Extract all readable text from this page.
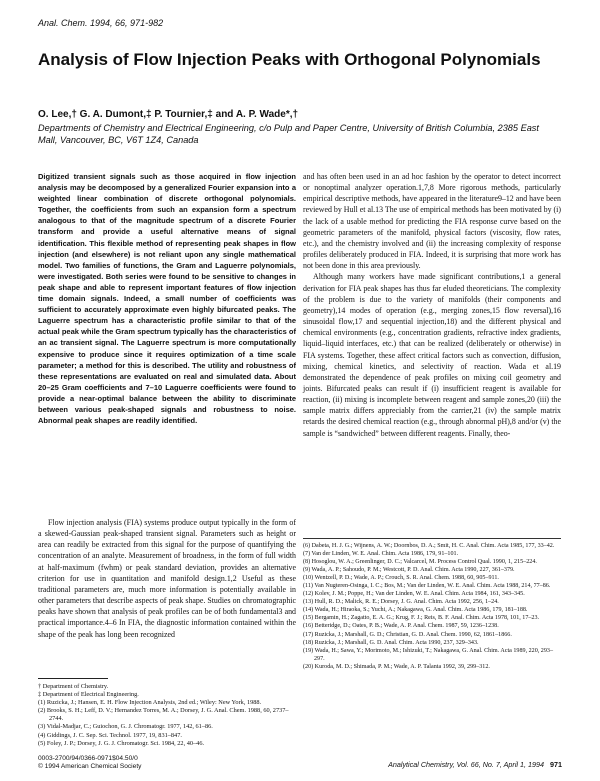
Anal. Chem. 1994, 66, 971-982
Analysis of Flow Injection Peaks with Orthogonal Polynomials
O. Lee,† G. A. Dumont,‡ P. Tournier,‡ and A. P. Wade*,†
Departments of Chemistry and Electrical Engineering, c/o Pulp and Paper Centre, University of British Columbia, 2385 East Mall, Vancouver, BC, V6T 1Z4, Canada

Digitized transient signals such as those acquired in flow injection analysis may be decomposed by a generalized Fourier expansion into a weighted linear combination of discrete orthogonal polynomials. Together, the coefficients from such an expansion form a spectrum analogous to that of the magnitude spectrum of a discrete Fourier transform and provide a useful alternative means of signal identification. This flexible method of representing peak shapes in flow injection (and elsewhere) is not reliant upon any single mathematical model. Two families of functions, the Gram and Laguerre polynomials, were investigated. Both series were found to be sensitive to changes in peak shape and able to represent important features of flow injection time domain signals. Indeed, a small number of coefficients was sufficient to accurately approximate even highly bifurcated peaks. The Laguerre spectrum has a characteristic profile similar to that of the actual peak while the Gram spectrum typically has the characteristics of an ac transient signal. The Laguerre spectrum is more computationally expensive to produce since it requires optimization of a time scale parameter; a method for this is described. The utility and robustness of these representations are evaluated on real and simulated data. About 20–25 Gram coefficients and 7–10 Laguerre coefficients were found to provide a near-optimal balance between the ability to discriminate between various peak-shaped signals and robustness to noise. Abnormal peak shapes are readily identified.

Flow injection analysis (FIA) systems produce output typically in the form of a skewed-Gaussian peak-shaped transient signal. Parameters such as height or area can readily be extracted from this signal for the purpose of quantifying the concentration of an analyte. Measurement of broadness, in the form of full width at half-maximum (fwhm) or peak standard deviation, provides an alternative criterion for use in quantitation and manifold design.1,2 Useful as these traditional parameters are, much more information is potentially available in other parameters that describe aspects of peak shape. Studies on chromatographic peaks have shown that analysis of peak profiles can be of both fundamental3 and practical importance.4–6 In FIA, the diagnostic information contained within the shape of the peak has long been recognized

† Department of Chemistry.
‡ Department of Electrical Engineering.
(1) Ruzicka, J.; Hansen, E. H. Flow Injection Analysis, 2nd ed.; Wiley: New York, 1988.
(2) Brooks, S. H.; Leff, D. V.; Hernandez Torres, M. A.; Dorsey, J. G. Anal. Chem. 1988, 60, 2737–2744.
(3) Vidal-Madjar, C.; Guiochon, G. J. Chromatogr. 1977, 142, 61–86.
(4) Giddings, J. C. Sep. Sci. Technol. 1977, 19, 831–847.
(5) Foley, J. P.; Dorsey, J. G. J. Chromatogr. Sci. 1984, 22, 40–46.

and has often been used in an ad hoc fashion by the operator to detect incorrect or nonoptimal analyzer operation.1,7,8 More rigorous methods, particularly empirical descriptive methods, have appeared in the literature9–12 and have been reviewed by Hull et al.13 The use of empirical methods has been motivated by (i) the lack of a usable method for predicting the FIA response curve based on the geometric parameters of the manifold, physical factors (viscosity, flow rates, etc.), and the chemistry involved and (ii) the increasing complexity of response profiles deliberately produced in FIA. Indeed, it is surprising that more work has not been done in this area previously.

Although many workers have made significant contributions,1 a general derivation for FIA peak shapes has thus far eluded theoreticians. The complexity of the problem is due to the variety of manifolds (their components and geometry),14 modes of operation (e.g., merging zones,15 flow reversal),16 sinusoidal flow,17 and sequential injection,18) and the different physical and chemical environments (e.g., concentration gradients, refractive index gradients, liquid–liquid interfaces, etc.) that can be realized (deliberately or otherwise) in FIA systems. Together, these affect critical factors such as convection, diffusion, mixing, chemical kinetics, and selectivity of reaction. Wada et al.19 demonstrated the dependence of peak profiles on mixing coil geometry and joints. Bifurcated peaks can result if (i) insufficient reagent is available for reaction, (ii) mixing is incomplete between reagent and sample zones,20 (iii) the sample matrix differs appreciably from the carrier,21 (iv) the sample matrix retards the desired chemical reaction (e.g., through abnormal pH),8 and/or (v) the sample is “sandwiched” between different reagents. Finally, theo-

(6) Dabeta, H. J. G.; Wijnens, A. W.; Doornbos, D. A.; Smit, H. C. Anal. Chim. Acta 1985, 177, 33–42.
(7) Van der Linden, W. E. Anal. Chim. Acta 1986, 179, 91–101.
(8) Hosoglou, W. A.; Greenlinger, D. C.; Valcarcel, M. Process Control Qual. 1990, 1, 215–224.
(9) Wada, A. P.; Sahoudo, P. M.; Westcott, P. D. Anal. Chim. Acta 1990, 227, 361–379.
(10) Wentzell, P. D.; Wade, A. P.; Crouch, S. R. Anal. Chem. 1988, 60, 905–911.
(11) Van Nugteren-Osinga, I. C.; Bos, M.; Van der Linden, W. E. Anal. Chim. Acta 1988, 214, 77–86.
(12) Kolev, J. M.; Poppe, H.; Van der Linden, W. E. Anal. Chim. Acta 1984, 161, 343–345.
(13) Hull, R. D.; Malick, R. E.; Dorsey, J. G. Anal. Chim. Acta 1992, 256, 1–24.
(14) Wada, H.; Hiraoka, S.; Yuchi, A.; Nakagawa, G. Anal. Chim. Acta 1986, 179, 181–188.
(15) Bergamin, H.; Zagatto, E. A. G.; Krug, F. J.; Reis, B. F. Anal. Chim. Acta 1978, 101, 17–23.
(16) Betteridge, D.; Oates, P. B.; Wade, A. P. Anal. Chem. 1987, 59, 1236–1238.
(17) Ruzicka, J.; Marshall, G. D.; Christian, G. D. Anal. Chem. 1990, 62, 1861–1866.
(18) Ruzicka, J.; Marshall, G. D. Anal. Chim. Acta 1990, 237, 329–343.
(19) Wada, H.; Sawa, Y.; Morimoto, M.; Ishizuki, T.; Nakagawa, G. Anal. Chim. Acta 1989, 220, 293–297.
(20) Kuroda, M. D.; Shimada, P. M.; Wade, A. P. Talanta 1992, 39, 299–312.
0003-2700/94/0366-0971$04.50/0
© 1994 American Chemical Society	Analytical Chemistry, Vol. 66, No. 7, April 1, 1994 971
